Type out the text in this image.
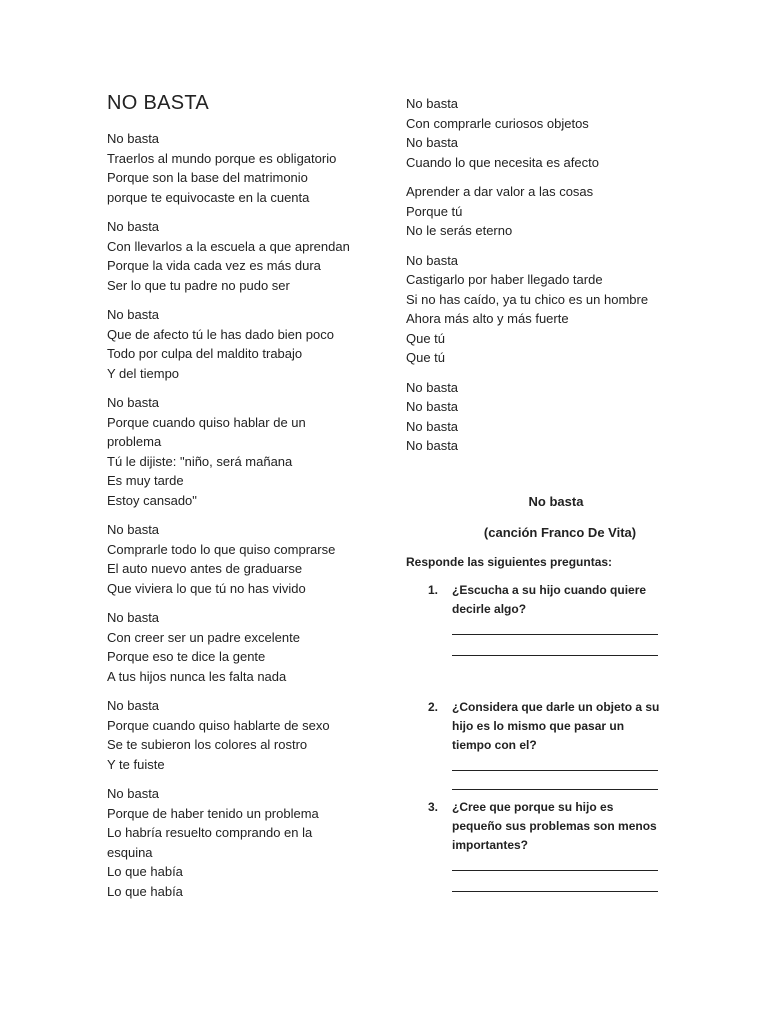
NO BASTA
No basta
Traerlos al mundo porque es obligatorio
Porque son la base del matrimonio
porque te equivocaste en la cuenta
No basta
Con llevarlos a la escuela a que aprendan
Porque la vida cada vez es más dura
Ser lo que tu padre no pudo ser
No basta
Que de afecto tú le has dado bien poco
Todo por culpa del maldito trabajo
Y del tiempo
No basta
Porque cuando quiso hablar de un
problema
Tú le dijiste: "niño, será mañana
Es muy tarde
Estoy cansado"
No basta
Comprarle todo lo que quiso comprarse
El auto nuevo antes de graduarse
Que viviera lo que tú no has vivido
No basta
Con creer ser un padre excelente
Porque eso te dice la gente
A tus hijos nunca les falta nada
No basta
Porque cuando quiso hablarte de sexo
Se te subieron los colores al rostro
Y te fuiste
No basta
Porque de haber tenido un problema
Lo habría resuelto comprando en la
esquina
Lo que había
Lo que había
No basta
Con comprarle curiosos objetos
No basta
Cuando lo que necesita es afecto
Aprender a dar valor a las cosas
Porque tú
No le serás eterno
No basta
Castigarlo por haber llegado tarde
Si no has caído, ya tu chico es un hombre
Ahora más alto y más fuerte
Que tú
Que tú
No basta
No basta
No basta
No basta
No basta
(canción Franco De Vita)
Responde las siguientes preguntas:
1. ¿Escucha a su hijo cuando quiere decirle algo?
2. ¿Considera que darle un objeto a su hijo es lo mismo que pasar un tiempo con el?
3. ¿Cree que porque su hijo es pequeño sus problemas son menos importantes?
